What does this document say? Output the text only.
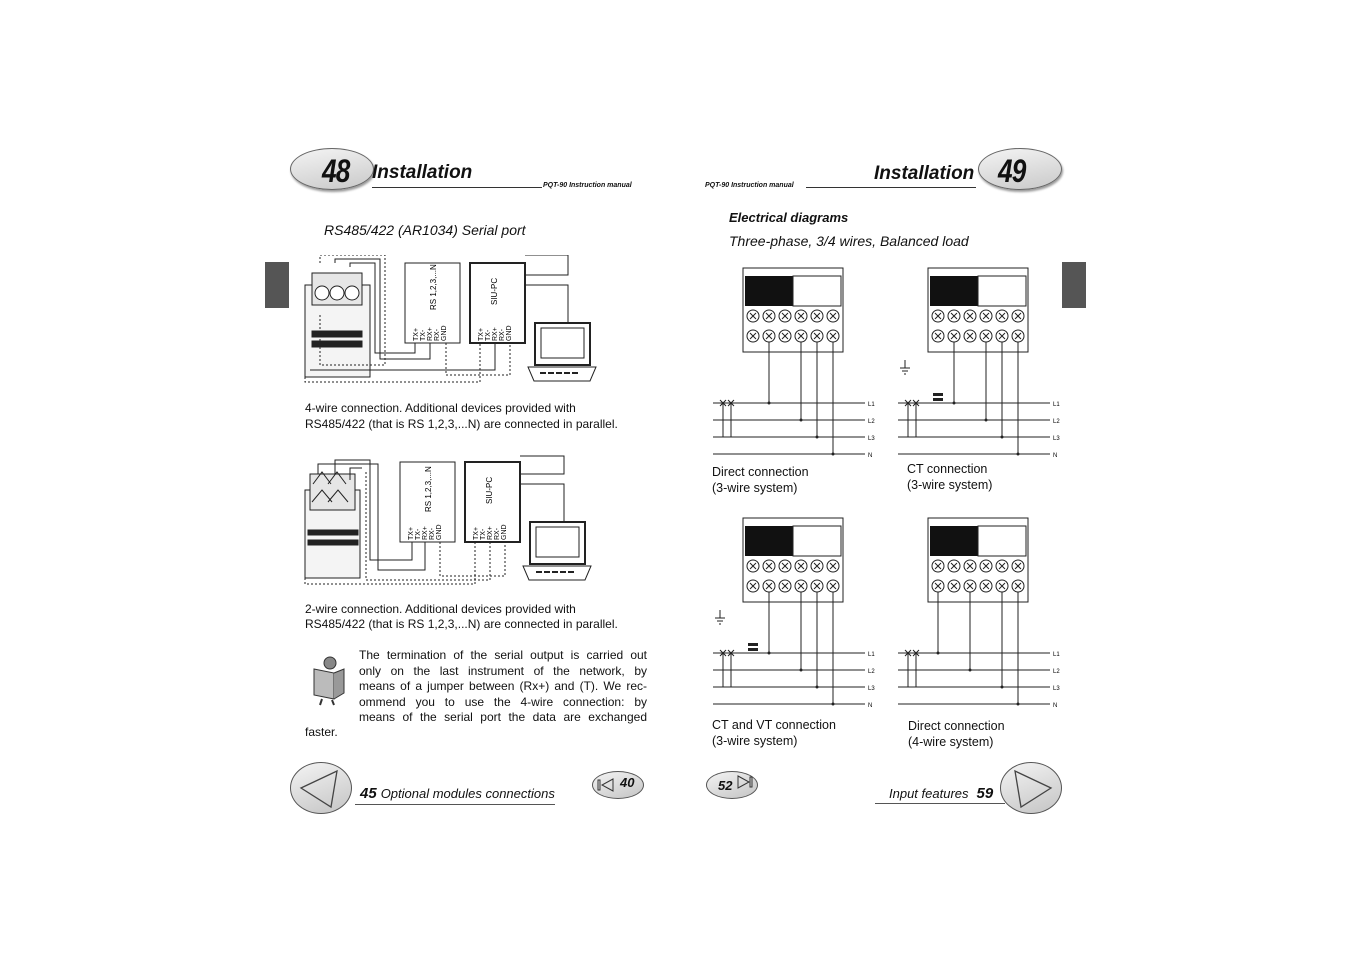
48 Installation
PQT-90 Instruction manual
RS485/422 (AR1034) Serial port
RS 1,2,3,...N	SIU-PC
TX+ TX- RX+ RX- GND	TX+ TX- RX+ RX- GND
4-wire connection. Additional devices provided with
RS485/422 (that is RS 1,2,3,...N) are connected in parallel.
RS 1,2,3,...N	SIU-PC
TX+ TX- RX+ RX- GND	TX+ TX- RX+ RX- GND
2-wire connection. Additional devices provided with
RS485/422 (that is RS 1,2,3,...N) are connected in parallel.
The termination of the serial output is carried out
only on the last instrument of the network, by
means of a jumper between (Rx+) and (T). We rec-
ommend you to use the 4-wire connection: by
means of the serial port the data are exchanged
faster.
45 Optional modules connections
40
PQT-90 Instruction manual
Installation 49
Electrical diagrams
Three-phase, 3/4 wires, Balanced load
L1
L2
L3
N
L1
L2
L3
N
L1
L2
L3
N
L1
L2
L3
N
Direct connection
(3-wire system)
CT connection
(3-wire system)
CT and VT connection
(3-wire system)
Direct connection
(4-wire system)
52
Input features 59
